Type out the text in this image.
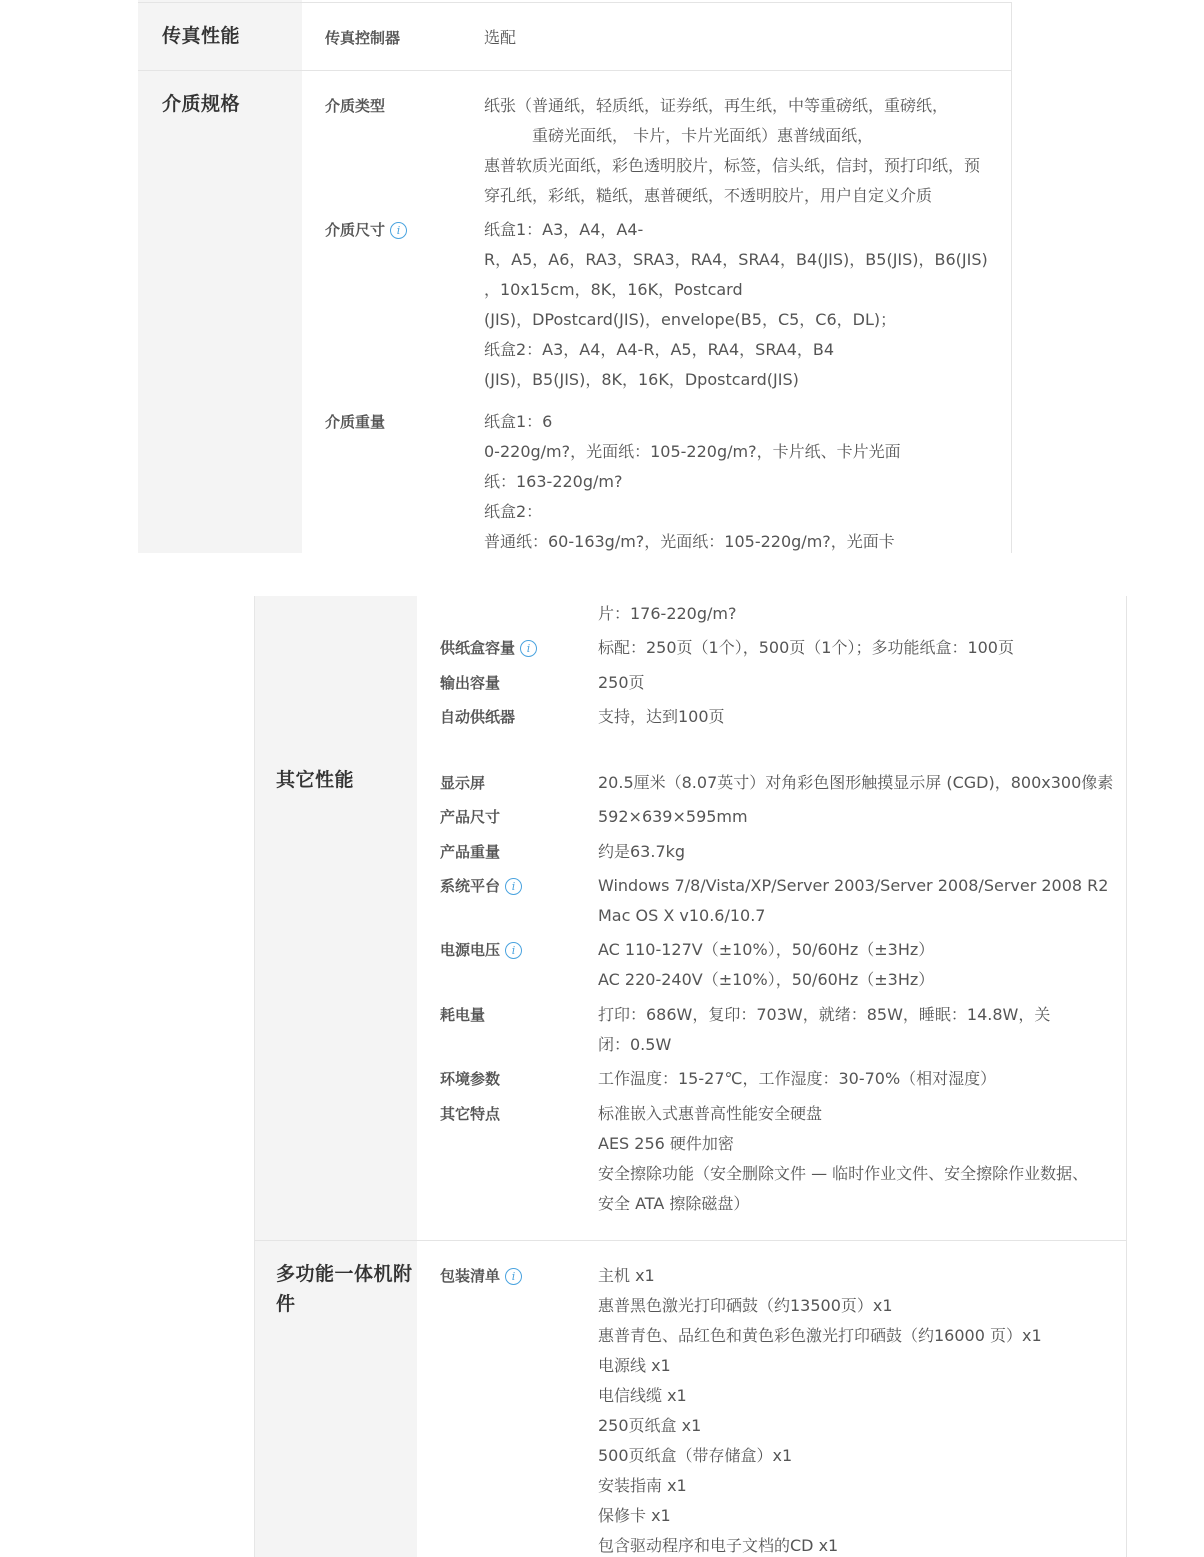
传真性能	传真控制器	选配
介质规格	介质类型	纸张（普通纸，轻质纸，证券纸，再生纸，中等重磅纸，重磅纸，
重磅光面纸， 卡片，卡片光面纸）惠普绒面纸，
惠普软质光面纸，彩色透明胶片，标签，信头纸，信封，预打印纸，预
穿孔纸，彩纸，糙纸，惠普硬纸，不透明胶片，用户自定义介质
介质尺寸 i	纸盒1：A3，A4，A4-
R，A5，A6，RA3，SRA3，RA4，SRA4，B4(JIS)，B5(JIS)，B6(JIS)
，10x15cm，8K，16K，Postcard
(JIS)，DPostcard(JIS)，envelope(B5，C5，C6，DL)；
纸盒2：A3，A4，A4-R，A5，RA4，SRA4，B4
(JIS)，B5(JIS)，8K，16K，Dpostcard(JIS)
介质重量	纸盒1：6
0-220g/m?，光面纸：105-220g/m?，卡片纸、卡片光面
纸：163-220g/m?
纸盒2：
普通纸：60-163g/m?，光面纸：105-220g/m?，光面卡
片：176-220g/m?
供纸盒容量 i	标配：250页（1个），500页（1个）；多功能纸盒：100页
输出容量	250页
自动供纸器	支持，达到100页
其它性能	显示屏	20.5厘米（8.07英寸）对角彩色图形触摸显示屏 (CGD)，800x300像素
产品尺寸	592×639×595mm
产品重量	约是63.7kg
系统平台 i	Windows 7/8/Vista/XP/Server 2003/Server 2008/Server 2008 R2
Mac OS X v10.6/10.7
电源电压 i	AC 110-127V（±10%），50/60Hz（±3Hz）
AC 220-240V（±10%），50/60Hz（±3Hz）
耗电量	打印：686W，复印：703W，就绪：85W，睡眠：14.8W，关
闭：0.5W
环境参数	工作温度：15-27℃，工作湿度：30-70%（相对湿度）
其它特点	标准嵌入式惠普高性能安全硬盘
AES 256 硬件加密
安全擦除功能（安全删除文件 — 临时作业文件、安全擦除作业数据、
安全 ATA 擦除磁盘）
多功能一体机附
件
包装清单 i	主机 x1
惠普黑色激光打印硒鼓（约13500页）x1
惠普青色、品红色和黄色彩色激光打印硒鼓（约16000 页）x1
电源线 x1
电信线缆 x1
250页纸盒 x1
500页纸盒（带存储盒）x1
安装指南 x1
保修卡 x1
包含驱动程序和电子文档的CD x1
